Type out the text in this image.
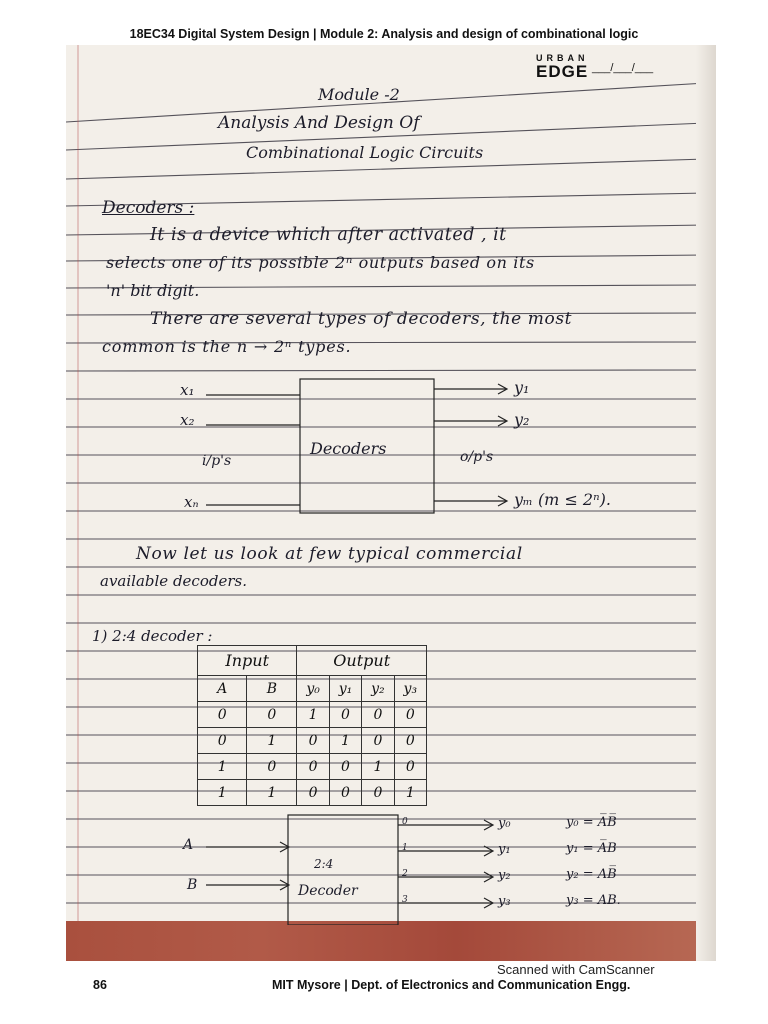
18EC34 Digital System Design | Module 2: Analysis and design of combinational logic
URBAN
EDGE ___/___/___
Module -2
Analysis And Design Of
Combinational Logic Circuits
Decoders :
It is a device which after activated , it
selects one of its possible 2ⁿ outputs based on its
'n' bit digit.
There are several types of decoders, the most
common is the n → 2ⁿ types.
x₁
x₂
xₙ
i/p's
Decoders	o/p's
y₁
y₂
yₘ (m ≤ 2ⁿ).
Now let us look at few typical commercial
available decoders.
1) 2:4 decoder :
Input		Output			
A	B	y₀	y₁	y₂	y₃
0	0	1	0	0	0
0	1	0	1	0	0
1	0	0	0	1	0
1	1	0	0	0	1
A
B
2:4
Decoder
0
1
2
3
y₀
y₁
y₂
y₃
y₀ = A̅B̅
y₁ = A̅B
y₂ = AB̅
y₃ = AB.
Scanned with CamScanner
86	MIT Mysore | Dept. of Electronics and Communication Engg.
